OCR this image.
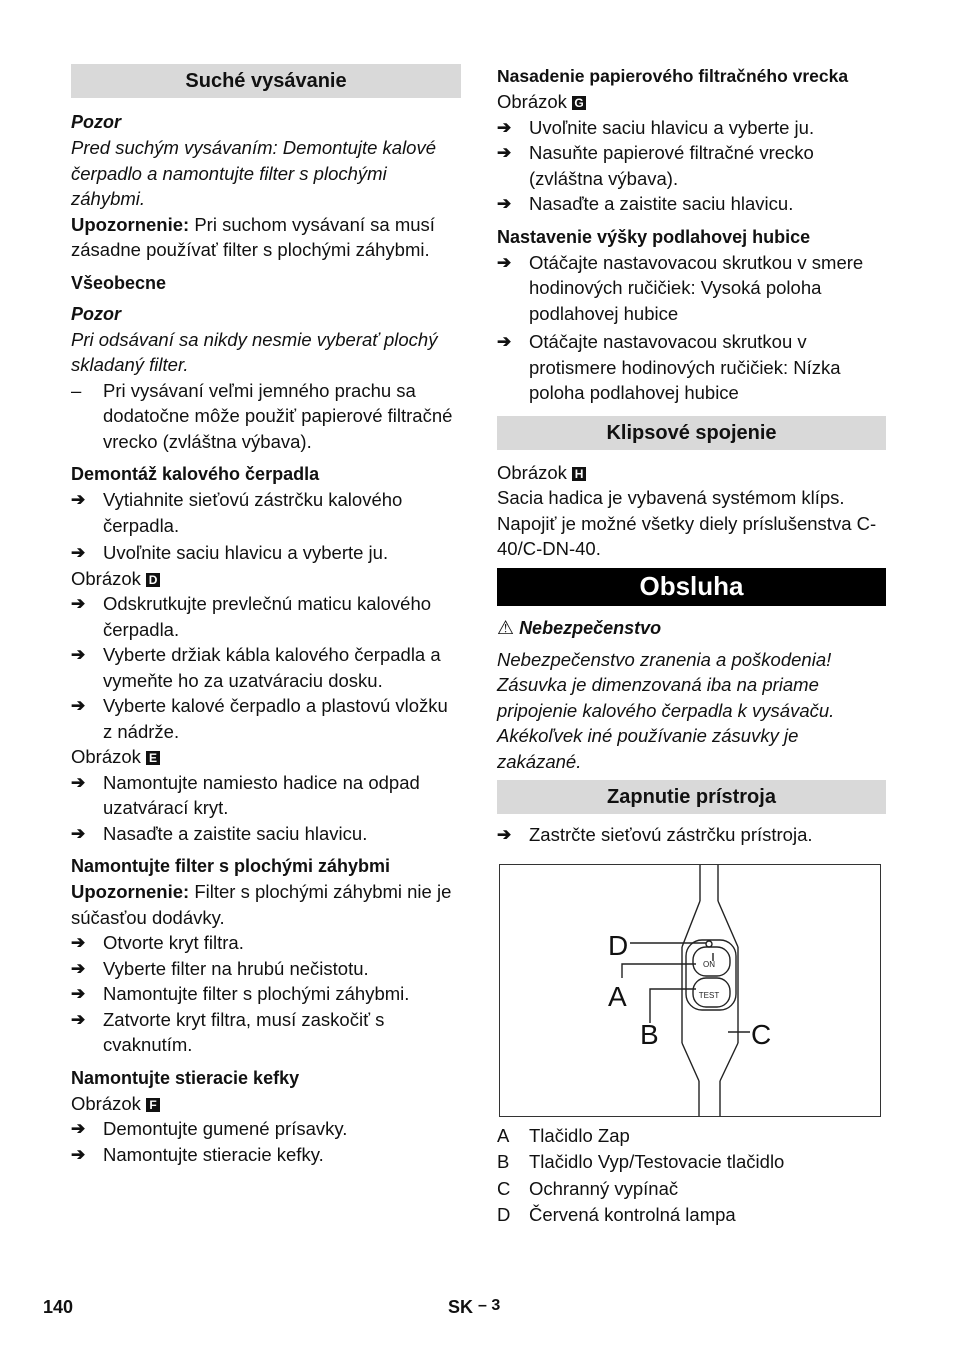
Suché vysávanie
Pozor
Pred suchým vysávaním: Demontujte kalové čerpadlo a namontujte filter s plochými záhybmi.
Upozornenie: Pri suchom vysávaní sa musí zásadne používať filter s plochými záhybmi.
Všeobecne
Pozor
Pri odsávaní sa nikdy nesmie vyberať plochý skladaný filter.
–	Pri vysávaní veľmi jemného prachu sa dodatočne môže použiť papierové filtračné vrecko (zvláštna výbava).
Demontáž kalového čerpadla
➔ Vytiahnite sieťovú zástrčku kalového čerpadla.
➔ Uvoľnite saciu hlavicu a vyberte ju.
Obrázok D
➔ Odskrutkujte prevlečnú maticu kalového čerpadla.
➔ Vyberte držiak kábla kalového čerpadla a vymeňte ho za uzatváraciu dosku.
➔ Vyberte kalové čerpadlo a plastovú vložku z nádrže.
Obrázok E
➔ Namontujte namiesto hadice na odpad uzatvárací kryt.
➔ Nasaďte a zaistite saciu hlavicu.
Namontujte filter s plochými záhybmi
Upozornenie: Filter s plochými záhybmi nie je súčasťou dodávky.
➔ Otvorte kryt filtra.
➔ Vyberte filter na hrubú nečistotu.
➔ Namontujte filter s plochými záhybmi.
➔ Zatvorte kryt filtra, musí zaskočiť s cvaknutím.
Namontujte stieracie kefky
Obrázok F
➔ Demontujte gumené prísavky.
➔ Namontujte stieracie kefky.
Nasadenie papierového filtračného vrecka
Obrázok G
➔ Uvoľnite saciu hlavicu a vyberte ju.
➔ Nasuňte papierové filtračné vrecko (zvláštna výbava).
➔ Nasaďte a zaistite saciu hlavicu.
Nastavenie výšky podlahovej hubice
➔ Otáčajte nastavovacou skrutkou v smere hodinových ručičiek: Vysoká poloha podlahovej hubice
➔ Otáčajte nastavovacou skrutkou v protismere hodinových ručičiek: Nízka poloha podlahovej hubice
Klipsové spojenie
Obrázok H
Sacia hadica je vybavená systémom klíps. Napojiť je možné všetky diely príslušenstva C-40/C-DN-40.
Obsluha
⚠ Nebezpečenstvo
Nebezpečenstvo zranenia a poškodenia! Zásuvka je dimenzovaná iba na priame pripojenie kalového čerpadla k vysávaču. Akékoľvek iné používanie zásuvky je zakázané.
Zapnutie prístroja
➔ Zastrčte sieťovú zástrčku prístroja.
ON
TEST
D
A
B	C
A	Tlačidlo Zap
B	Tlačidlo Vyp/Testovacie tlačidlo
C	Ochranný vypínač
D	Červená kontrolná lampa
140	SK – 3
